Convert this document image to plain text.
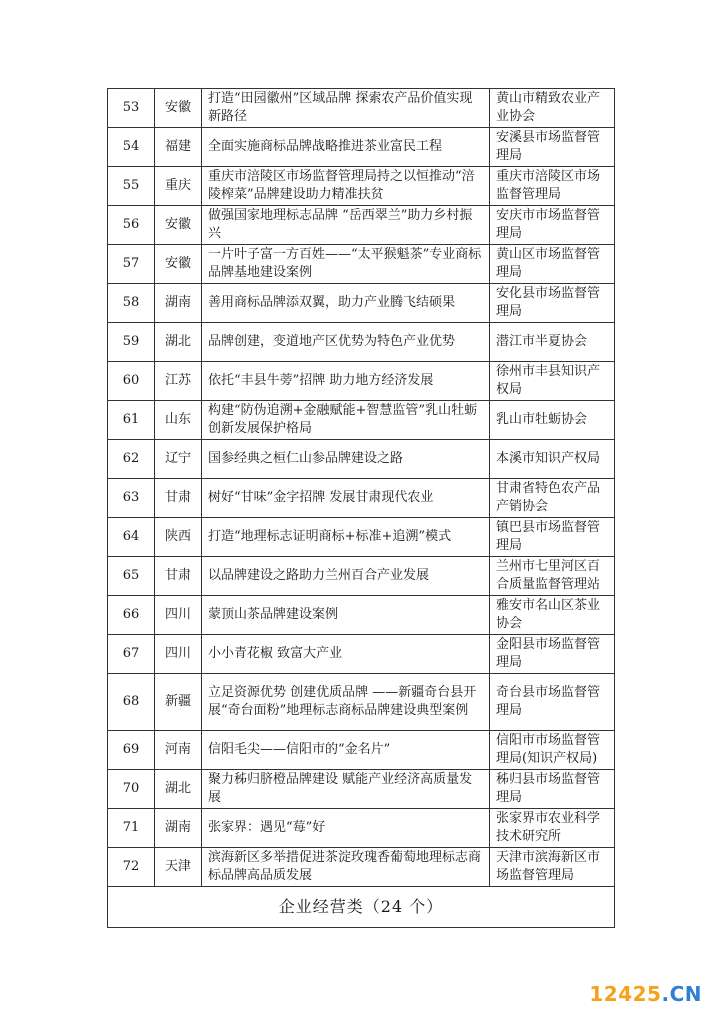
53	安徽	打造“田园徽州”区域品牌 探索农产品价值实现新路径	黄山市精致农业产业协会
54	福建	全面实施商标品牌战略推进茶业富民工程	安溪县市场监督管理局
55	重庆	重庆市涪陵区市场监督管理局持之以恒推动“涪陵榨菜”品牌建设助力精准扶贫	重庆市涪陵区市场监督管理局
56	安徽	做强国家地理标志品牌 “岳西翠兰”助力乡村振兴	安庆市市场监督管理局
57	安徽	一片叶子富一方百姓——“太平猴魁茶”专业商标品牌基地建设案例	黄山区市场监督管理局
58	湖南	善用商标品牌添双翼，助力产业腾飞结硕果	安化县市场监督管理局
59	湖北	品牌创建，变道地产区优势为特色产业优势	潜江市半夏协会
60	江苏	依托“丰县牛蒡”招牌 助力地方经济发展	徐州市丰县知识产权局
61	山东	构建“防伪追溯+金融赋能+智慧监管”乳山牡蛎创新发展保护格局	乳山市牡蛎协会
62	辽宁	国参经典之桓仁山参品牌建设之路	本溪市知识产权局
63	甘肃	树好“甘味”金字招牌 发展甘肃现代农业	甘肃省特色农产品产销协会
64	陕西	打造“地理标志证明商标+标准+追溯”模式	镇巴县市场监督管理局
65	甘肃	以品牌建设之路助力兰州百合产业发展	兰州市七里河区百合质量监督管理站
66	四川	蒙顶山茶品牌建设案例	雅安市名山区茶业协会
67	四川	小小青花椒 致富大产业	金阳县市场监督管理局
68	新疆	立足资源优势 创建优质品牌 ——新疆奇台县开展“奇台面粉”地理标志商标品牌建设典型案例	奇台县市场监督管理局
69	河南	信阳毛尖——信阳市的“金名片”	信阳市市场监督管理局(知识产权局)
70	湖北	聚力秭归脐橙品牌建设 赋能产业经济高质量发展	秭归县市场监督管理局
71	湖南	张家界：遇见“莓”好	张家界市农业科学技术研究所
72	天津	滨海新区多举措促进茶淀玫瑰香葡萄地理标志商标品牌高品质发展	天津市滨海新区市场监督管理局
企业经营类（24 个）			
12425.CN
